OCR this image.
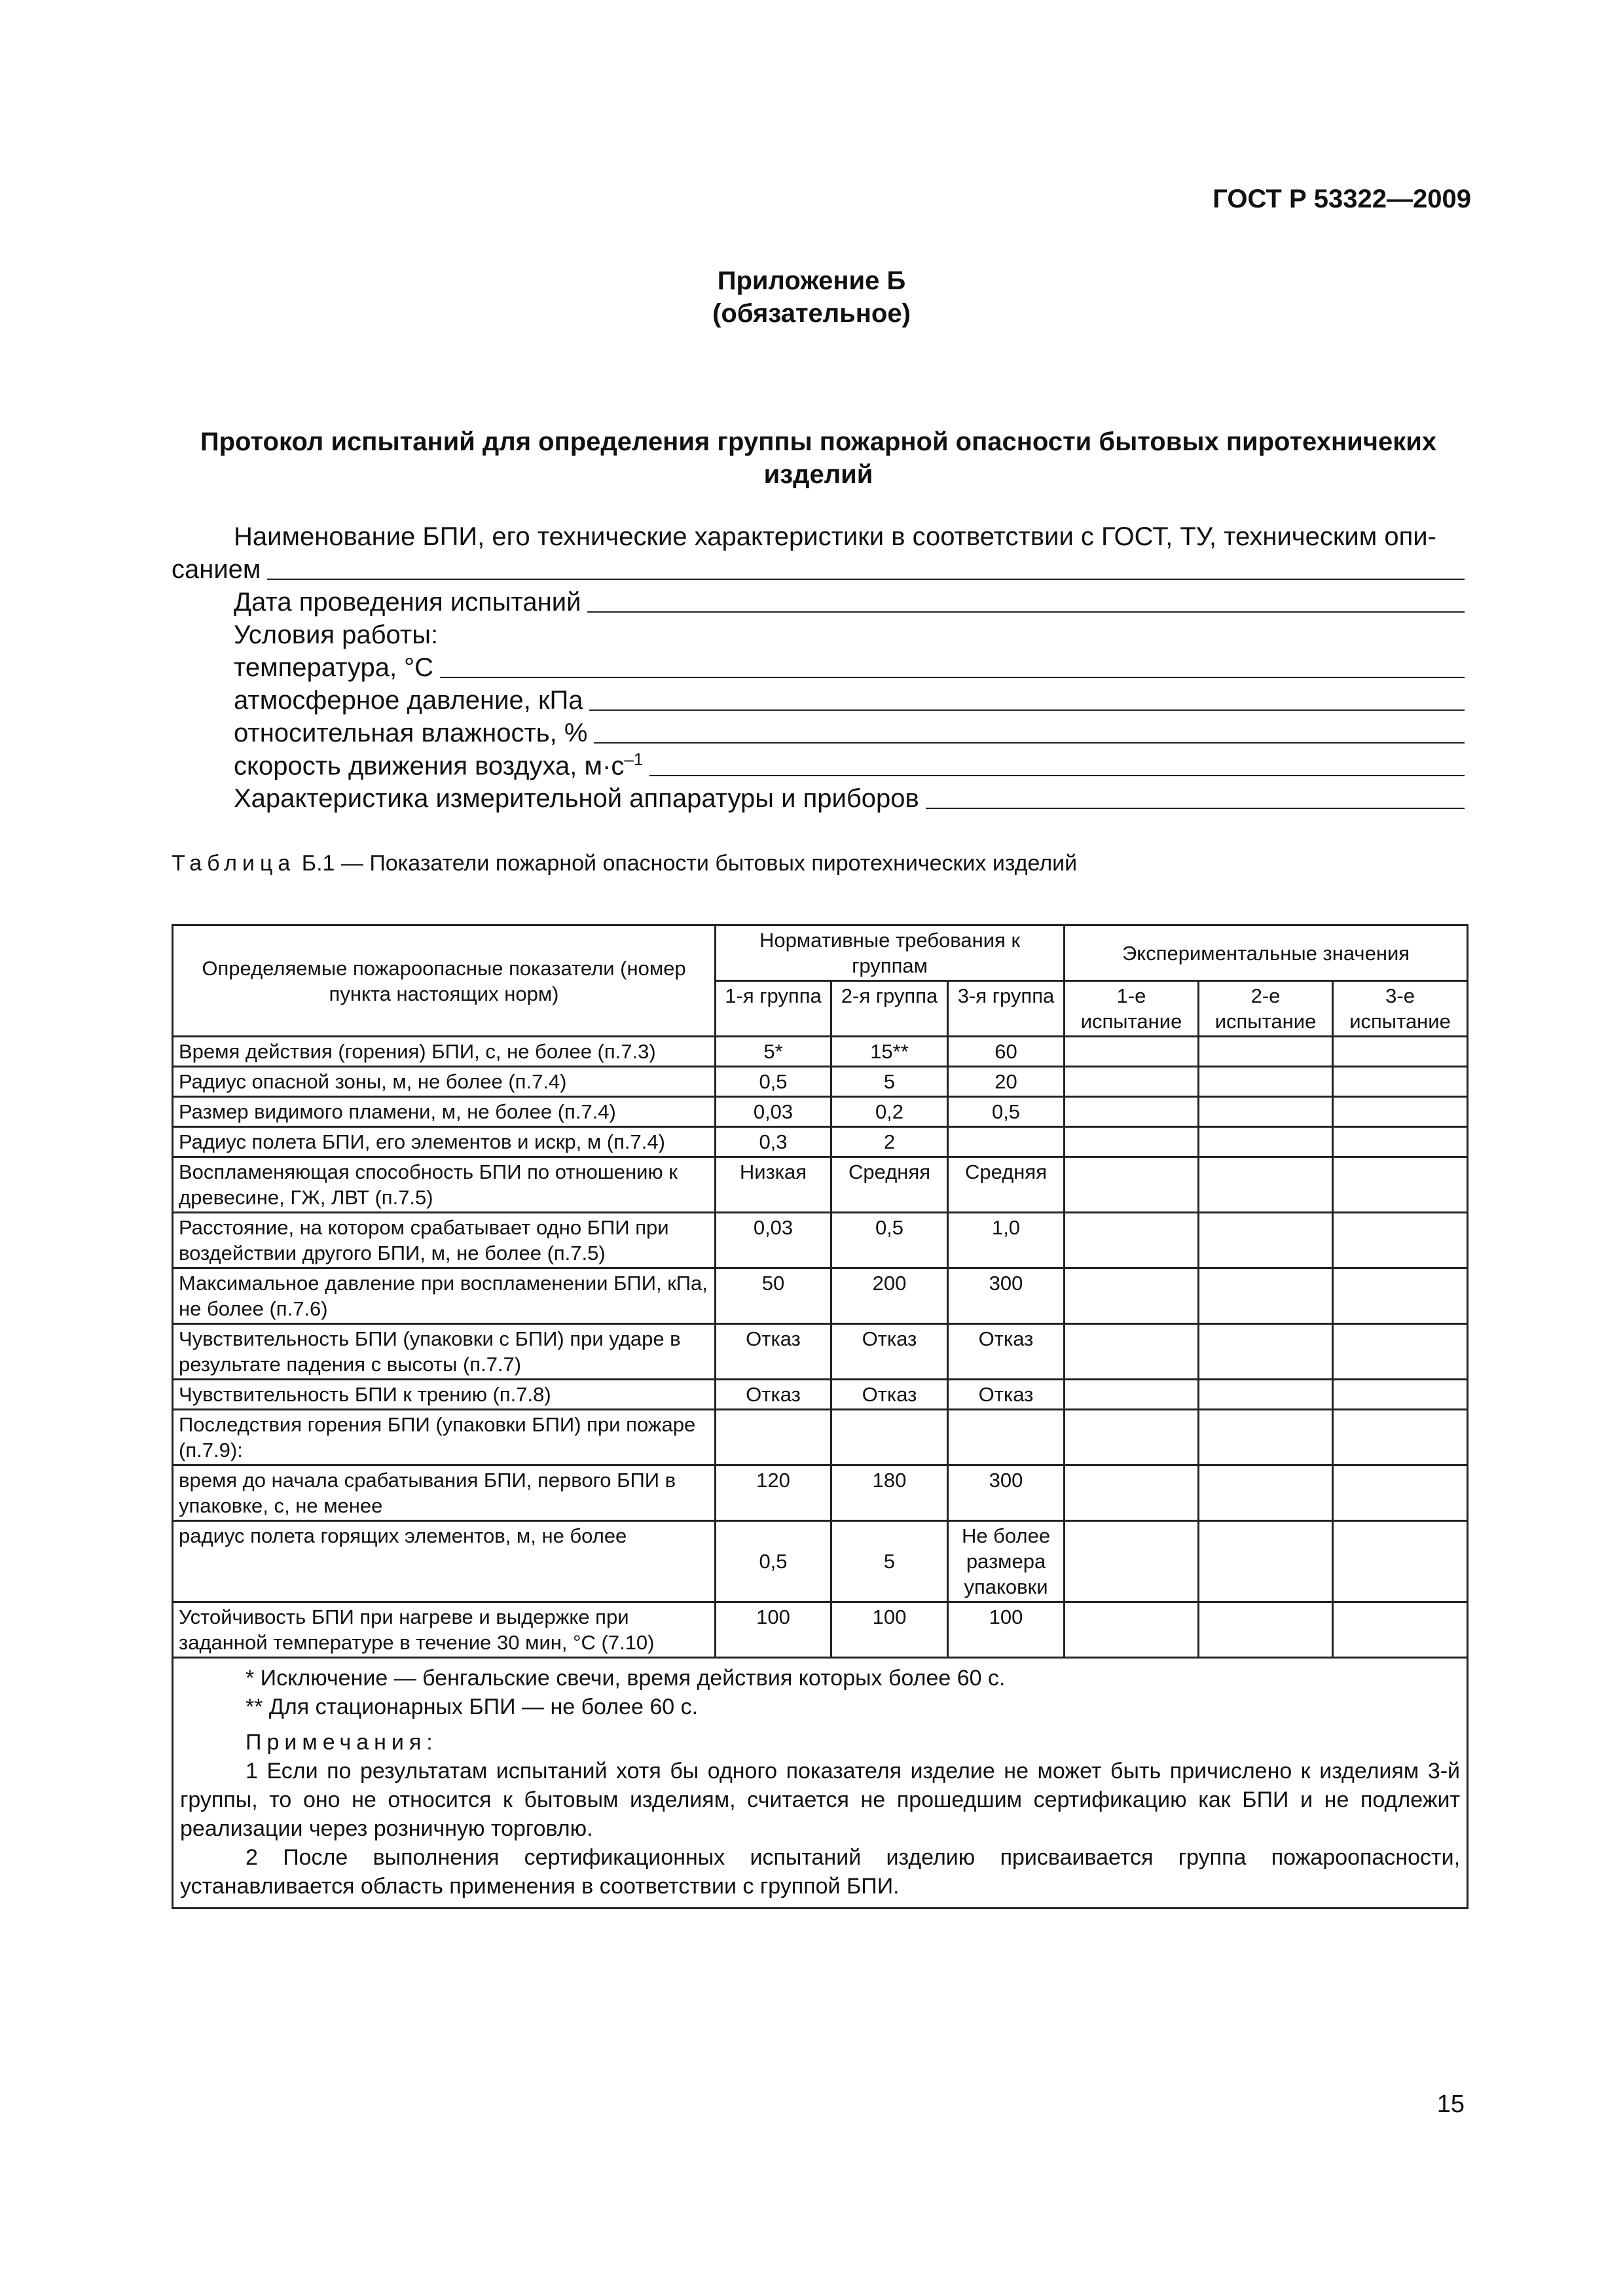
ГОСТ Р 53322—2009
Приложение Б
(обязательное)
Протокол испытаний для определения группы пожарной опасности бытовых пиротехничеких изделий
Наименование БПИ, его технические характеристики в соответствии с ГОСТ, ТУ, техническим опи-
санием
Дата проведения испытаний
Условия работы:
температура, °С
атмосферное давление, кПа
относительная влажность, %
скорость движения воздуха, $м\cdot с^{-1}$
Характеристика измерительной аппаратуры и приборов
Таблица Б.1 — Показатели пожарной опасности бытовых пиротехнических изделий
Определяемые пожароопасные показатели (номер пункта настоящих норм)	Нормативные требования к группам			Экспериментальные значения		
	1-я группа	2-я группа	3-я группа	1-е испытание	2-е испытание	3-е испытание
Время действия (горения) БПИ, с, не более (п.7.3)	5*	15**	60			
Радиус опасной зоны, м, не более (п.7.4)	0,5	5	20			
Размер видимого пламени, м, не более (п.7.4)	0,03	0,2	0,5			
Радиус полета БПИ, его элементов и искр, м (п.7.4)	0,3	2				
Воспламеняющая способность БПИ по отношению к древесине, ГЖ, ЛВТ (п.7.5)	Низкая	Средняя	Средняя			
Расстояние, на котором срабатывает одно БПИ при воздействии другого БПИ, м, не более (п.7.5)	0,03	0,5	1,0			
Максимальное давление при воспламенении БПИ, кПа, не более (п.7.6)	50	200	300			
Чувствительность БПИ (упаковки с БПИ) при ударе в результате падения с высоты (п.7.7)	Отказ	Отказ	Отказ			
Чувствительность БПИ к трению (п.7.8)	Отказ	Отказ	Отказ			
Последствия горения БПИ (упаковки БПИ) при пожаре (п.7.9):						
время до начала срабатывания БПИ, первого БПИ в упаковке, с, не менее	120	180	300			
радиус полета горящих элементов, м, не более	0,5	5	Не более размера упаковки			
Устойчивость БПИ при нагреве и выдержке при заданной температуре в течение 30 мин, °С (7.10)	100	100	100			

* Исключение — бенгальские свечи, время действия которых более 60 с.
** Для стационарных БПИ — не более 60 с.
Примечания:
1 Если по результатам испытаний хотя бы одного показателя изделие не может быть причислено к изделиям 3-й группы, то оно не относится к бытовым изделиям, считается не прошедшим сертификацию как БПИ и не подлежит реализации через розничную торговлю.
2 После выполнения сертификационных испытаний изделию присваивается группа пожароопасности, устанавливается область применения в соответствии с группой БПИ.						
15
